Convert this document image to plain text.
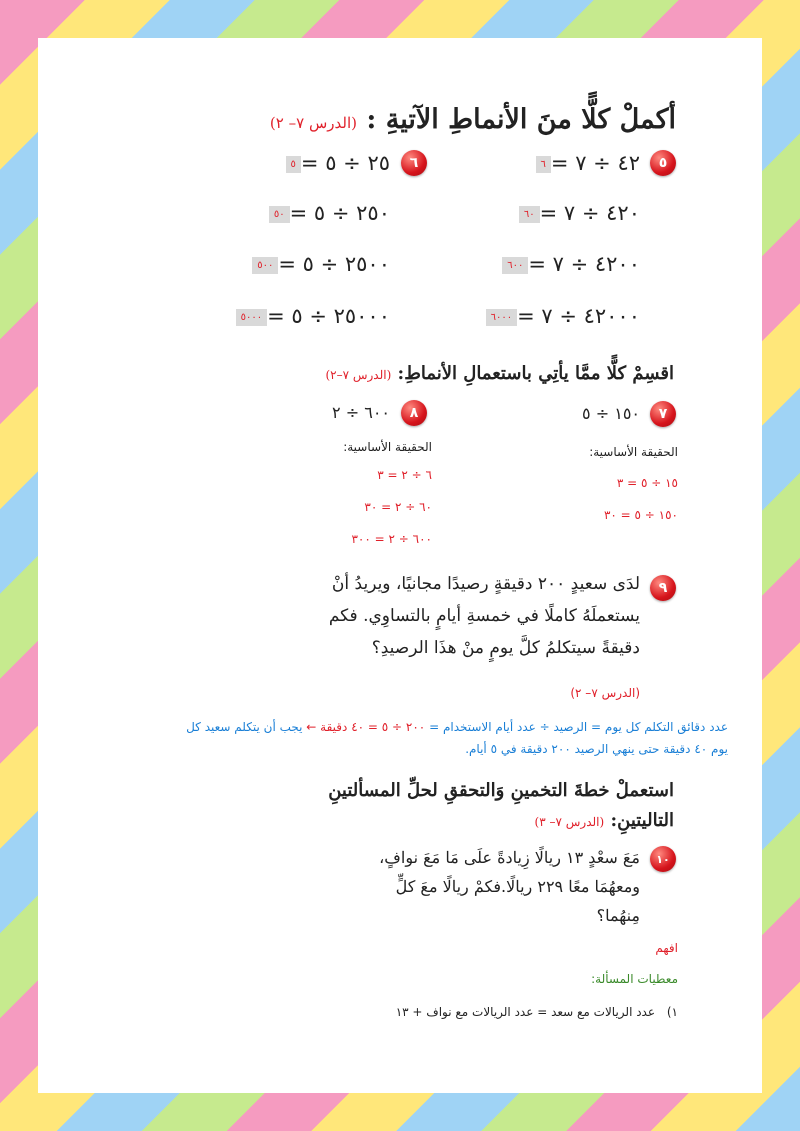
أكملْ كلًّا منَ الأنماطِ الآتيةِ : (الدرس ٧– ٢)
٥
٤٢ ÷ ٧ =٦
٤٢٠ ÷ ٧ =٦٠
٤٢٠٠ ÷ ٧ =٦٠٠
٤٢٠٠٠ ÷ ٧ =٦٠٠٠
٦
٢٥ ÷ ٥ =٥
٢٥٠ ÷ ٥ =٥٠
٢٥٠٠ ÷ ٥ =٥٠٠
٢٥٠٠٠ ÷ ٥ =٥٠٠٠
اقسِمْ كلًّا ممَّا يأتِي باستعمالِ الأنماطِ: (الدرس ٧–٢)
٧
١٥٠ ÷ ٥
الحقيقة الأساسية:
١٥ ÷ ٥ = ٣
١٥٠ ÷ ٥ = ٣٠
٨
٦٠٠ ÷ ٢
الحقيقة الأساسية:
٦ ÷ ٢ = ٣
٦٠ ÷ ٢ = ٣٠
٦٠٠ ÷ ٢ = ٣٠٠
٩
لدَى سعيدٍ ٢٠٠ دقيقةٍ رصيدًا مجانيًا، ويريدُ أنْ
يستعملَهُ كاملًا في خمسةِ أيامٍ بالتساوِي. فكم
دقيقةً سيتكلمُ كلَّ يومٍ منْ هذَا الرصيدِ؟
(الدرس ٧– ٢)
عدد دقائق التكلم كل يوم = الرصيد ÷ عدد أيام الاستخدام = ٢٠٠ ÷ ٥ = ٤٠ دقيقة ← يجب أن يتكلم سعيد كل
يوم ٤٠ دقيقة حتى ينهي الرصيد ٢٠٠ دقيقة في ٥ أيام.
استعملْ خطةَ التخمينِ وَالتحققِ لحلِّ المسألتينِ
التاليتينِ: (الدرس ٧– ٣)
١٠
مَعَ سعْدٍ ١٣ ريالًا زِيادةً علَى مَا مَعَ نوافٍ،
ومعهُمَا معًا ٢٢٩ ريالًا.فكمْ ريالًا معَ كلٍّ
مِنهُما؟
افهم
معطيات المسألة:
١) عدد الريالات مع سعد = عدد الريالات مع نواف + ١٣
